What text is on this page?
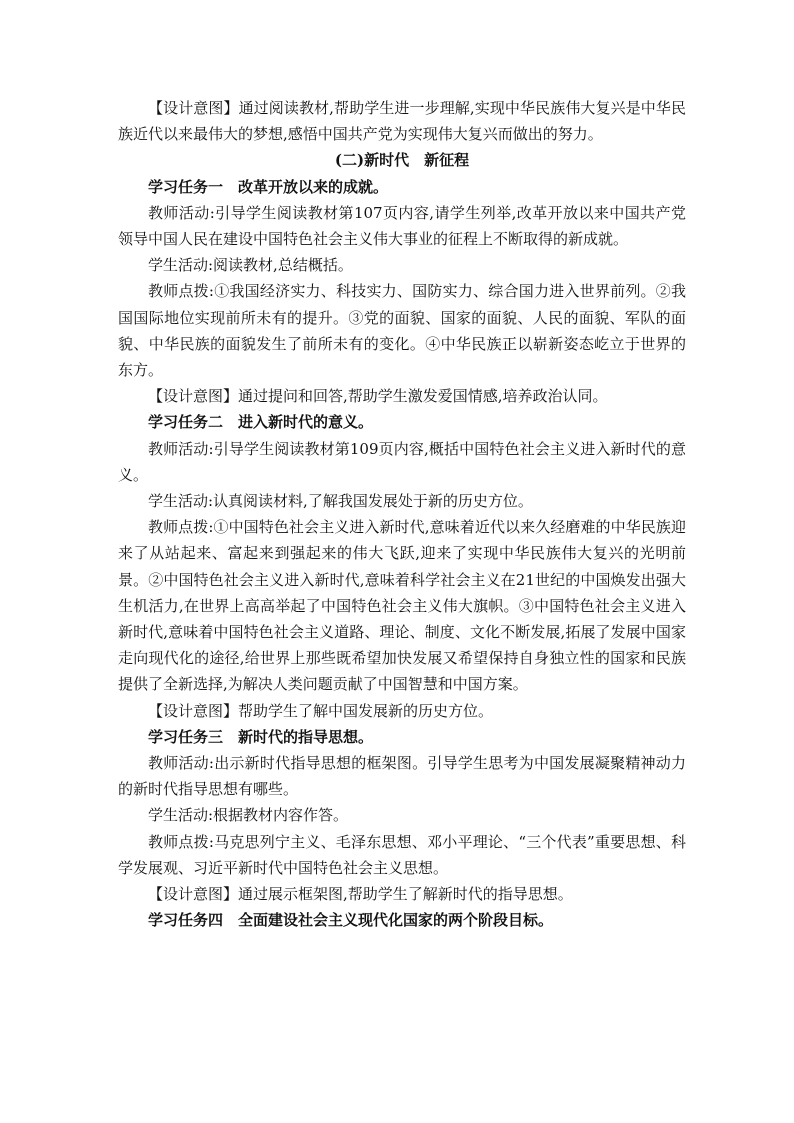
【设计意图】通过阅读教材,帮助学生进一步理解,实现中华民族伟大复兴是中华民族近代以来最伟大的梦想,感悟中国共产党为实现伟大复兴而做出的努力。

(二)新时代　新征程

学习任务一　改革开放以来的成就。

教师活动:引导学生阅读教材第107页内容,请学生列举,改革开放以来中国共产党领导中国人民在建设中国特色社会主义伟大事业的征程上不断取得的新成就。

学生活动:阅读教材,总结概括。

教师点拨:①我国经济实力、科技实力、国防实力、综合国力进入世界前列。②我国国际地位实现前所未有的提升。③党的面貌、国家的面貌、人民的面貌、军队的面貌、中华民族的面貌发生了前所未有的变化。④中华民族正以崭新姿态屹立于世界的东方。

【设计意图】通过提问和回答,帮助学生激发爱国情感,培养政治认同。

学习任务二　进入新时代的意义。

教师活动:引导学生阅读教材第109页内容,概括中国特色社会主义进入新时代的意义。

学生活动:认真阅读材料,了解我国发展处于新的历史方位。

教师点拨:①中国特色社会主义进入新时代,意味着近代以来久经磨难的中华民族迎来了从站起来、富起来到强起来的伟大飞跃,迎来了实现中华民族伟大复兴的光明前景。②中国特色社会主义进入新时代,意味着科学社会主义在21世纪的中国焕发出强大生机活力,在世界上高高举起了中国特色社会主义伟大旗帜。③中国特色社会主义进入新时代,意味着中国特色社会主义道路、理论、制度、文化不断发展,拓展了发展中国家走向现代化的途径,给世界上那些既希望加快发展又希望保持自身独立性的国家和民族提供了全新选择,为解决人类问题贡献了中国智慧和中国方案。

【设计意图】帮助学生了解中国发展新的历史方位。

学习任务三　新时代的指导思想。

教师活动:出示新时代指导思想的框架图。引导学生思考为中国发展凝聚精神动力的新时代指导思想有哪些。

学生活动:根据教材内容作答。

教师点拨:马克思列宁主义、毛泽东思想、邓小平理论、“三个代表”重要思想、科学发展观、习近平新时代中国特色社会主义思想。

【设计意图】通过展示框架图,帮助学生了解新时代的指导思想。

学习任务四　全面建设社会主义现代化国家的两个阶段目标。
